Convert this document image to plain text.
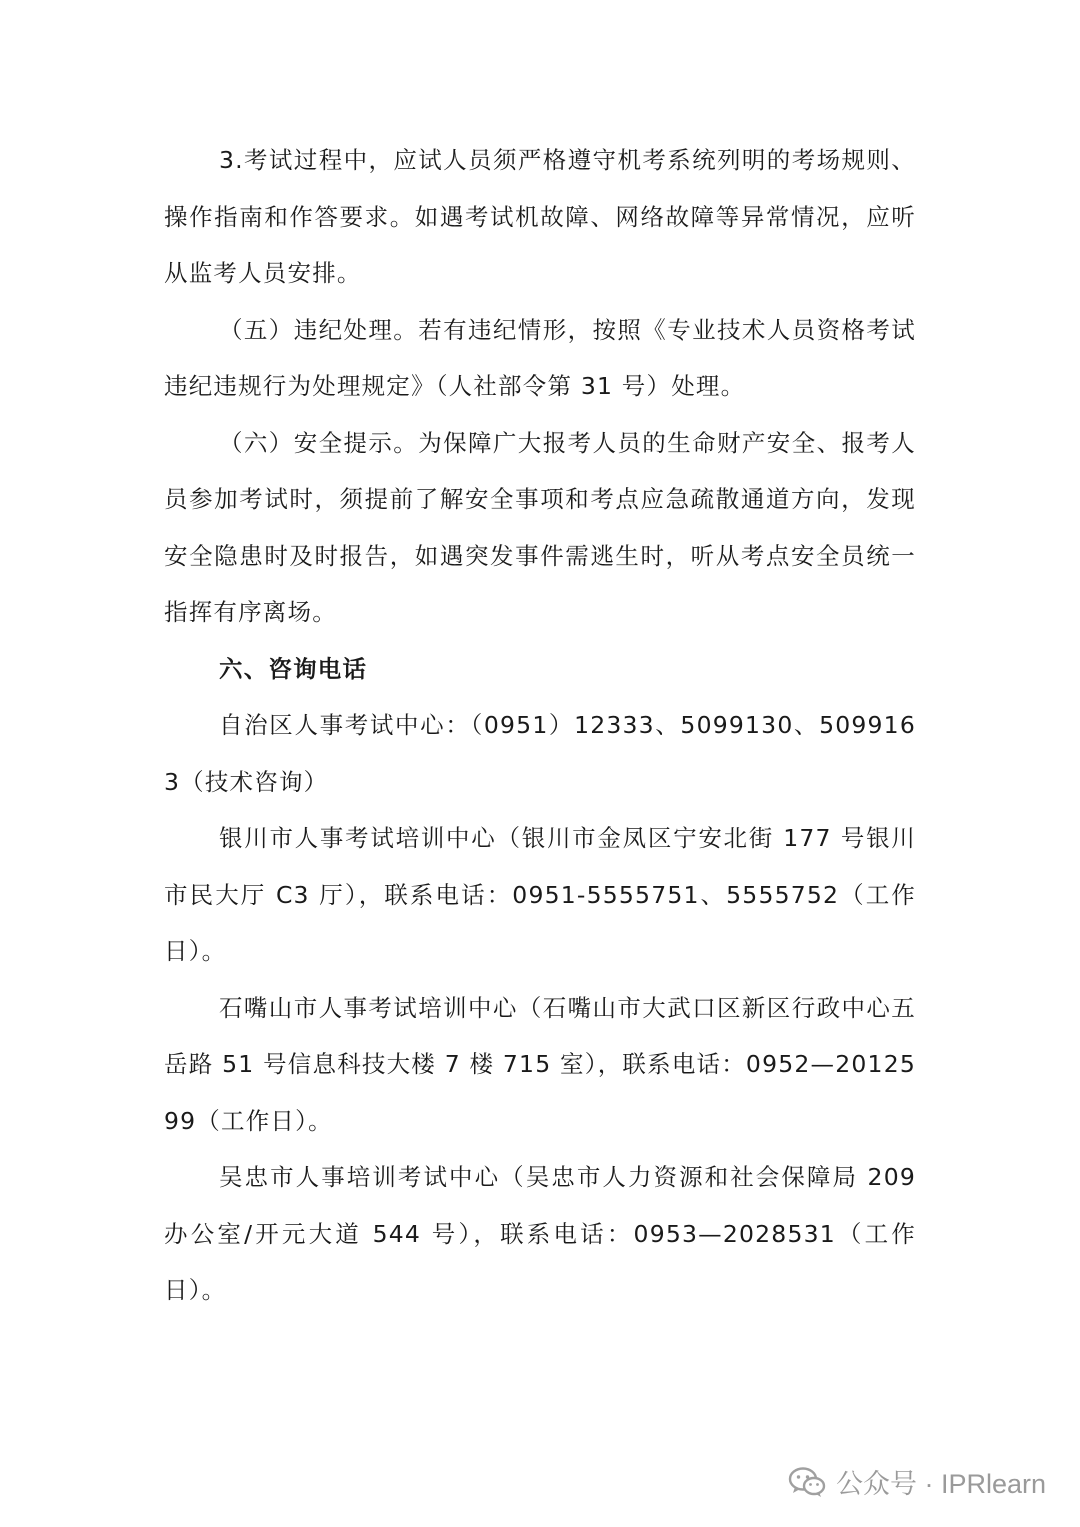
3.考试过程中，应试人员须严格遵守机考系统列明的考场规则、操作指南和作答要求。如遇考试机故障、网络故障等异常情况，应听从监考人员安排。

（五）违纪处理。若有违纪情形，按照《专业技术人员资格考试违纪违规行为处理规定》（人社部令第 31 号）处理。

（六）安全提示。为保障广大报考人员的生命财产安全、报考人员参加考试时，须提前了解安全事项和考点应急疏散通道方向，发现安全隐患时及时报告，如遇突发事件需逃生时，听从考点安全员统一指挥有序离场。

六、咨询电话

自治区人事考试中心：（0951）12333、5099130、5099163（技术咨询）

银川市人事考试培训中心（银川市金凤区宁安北街 177 号银川市民大厅 C3 厅），联系电话：0951-5555751、5555752（工作日）。

石嘴山市人事考试培训中心（石嘴山市大武口区新区行政中心五岳路 51 号信息科技大楼 7 楼 715 室），联系电话：0952—2012599（工作日）。

吴忠市人事培训考试中心（吴忠市人力资源和社会保障局 209 办公室/开元大道 544 号），联系电话：0953—2028531（工作日）。

公众号 · IPRlearn
